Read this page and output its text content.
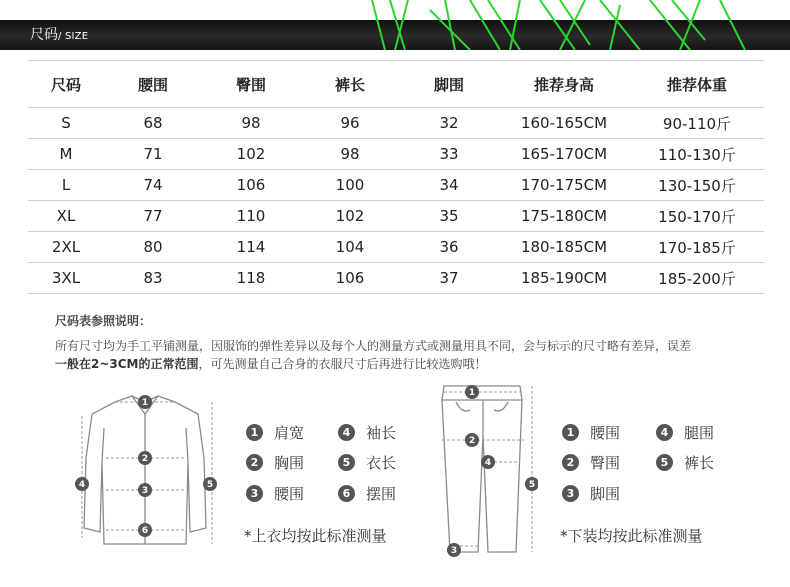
尺码/ SIZE
尺码	腰围	臀围	裤长	脚围	推荐身高	推荐体重
S	68	98	96	32	160-165CM	90-110斤
M	71	102	98	33	165-170CM	110-130斤
L	74	106	100	34	170-175CM	130-150斤
XL	77	110	102	35	175-180CM	150-170斤
2XL	80	114	104	36	180-185CM	170-185斤
3XL	83	118	106	37	185-190CM	185-200斤
尺码表参照说明：
所有尺寸均为手工平铺测量，因服饰的弹性差异以及每个人的测量方式或测量用具不同，会与标示的尺寸略有差异，误差
一般在2~3CM的正常范围，可先测量自己合身的衣服尺寸后再进行比较选购哦！
1
2
3
4	5
6
1	肩宽	4	袖长
2	胸围	5	衣长
3	腰围	6	摆围
*上衣均按此标准测量
1
2
3
4
5
1	腰围	4	腿围
2	臀围	5	裤长
3	脚围
*下装均按此标准测量
